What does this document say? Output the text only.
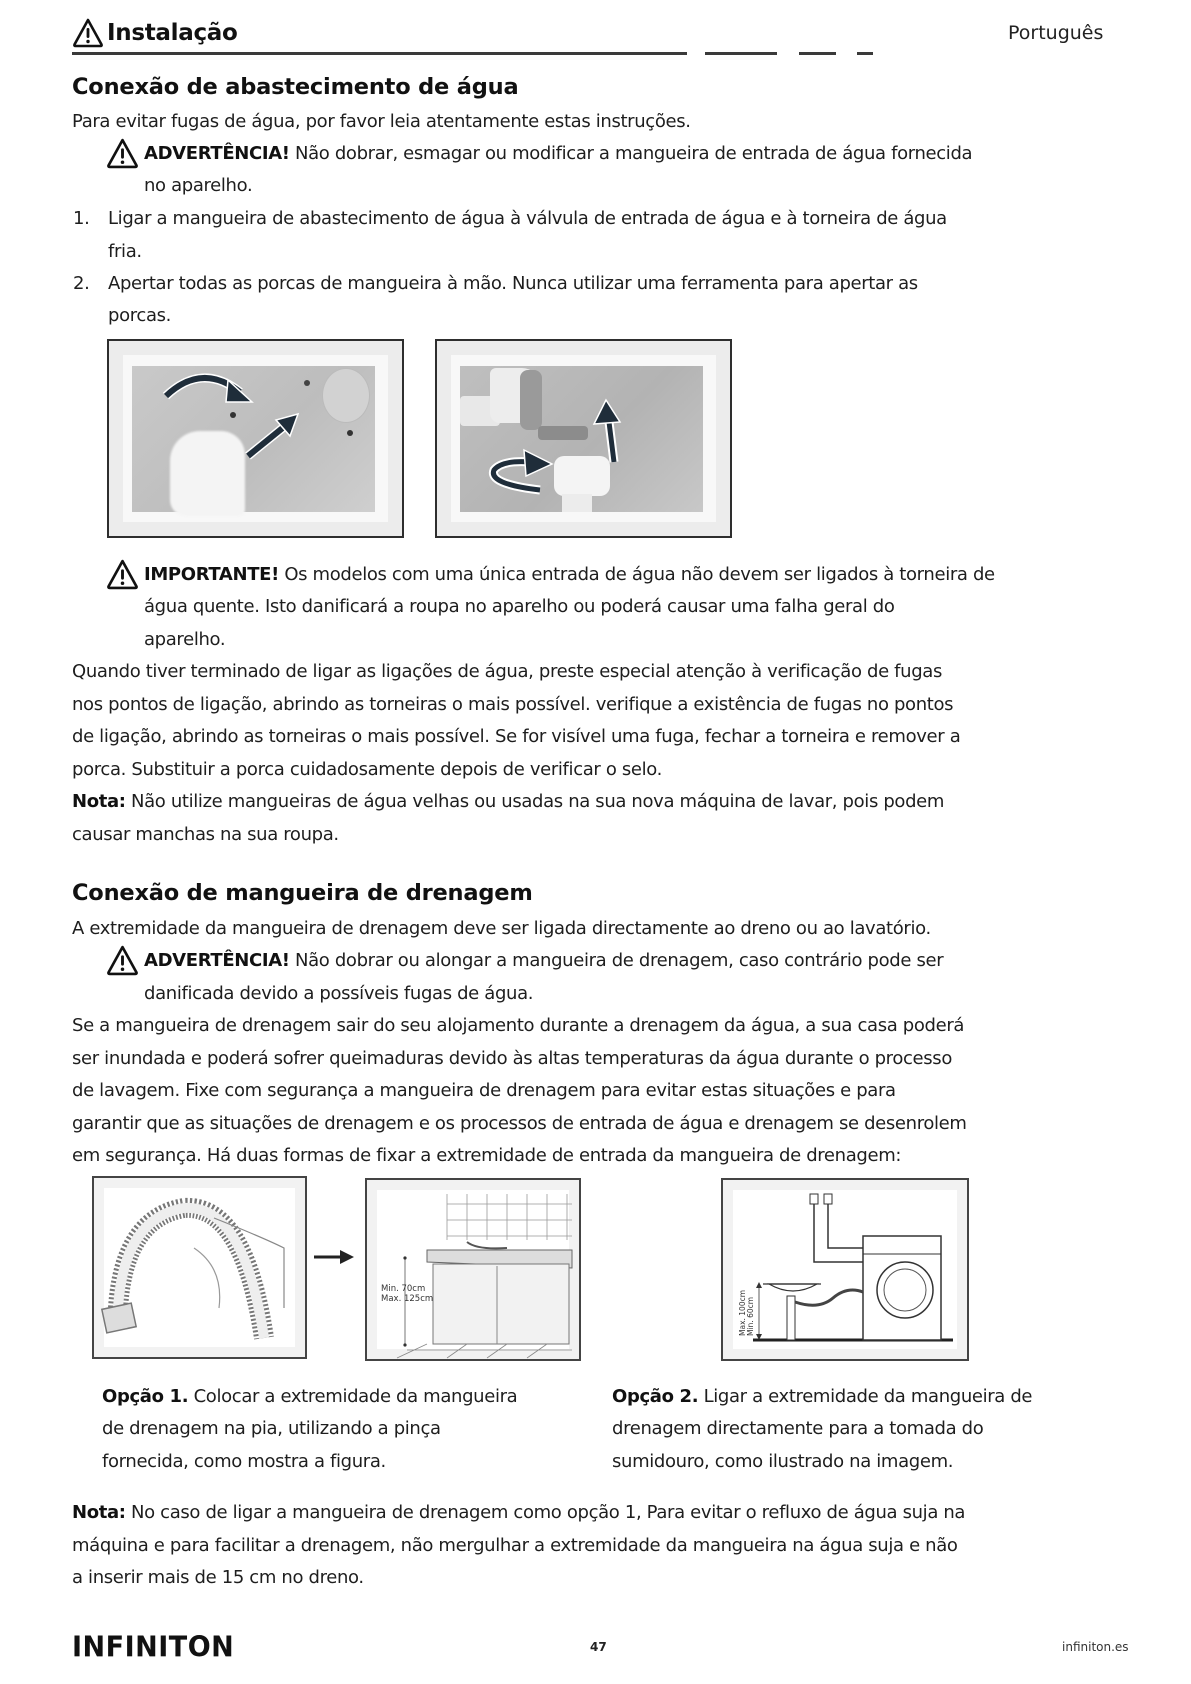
Instalação	Português
Conexão de abastecimento de água
Para evitar fugas de água, por favor leia atentamente estas instruções.
ADVERTÊNCIA! Não dobrar, esmagar ou modificar a mangueira de entrada de água fornecida
no aparelho.
1. Ligar a mangueira de abastecimento de água à válvula de entrada de água e à torneira de água
fria.
2. Apertar todas as porcas de mangueira à mão. Nunca utilizar uma ferramenta para apertar as
porcas.
IMPORTANTE! Os modelos com uma única entrada de água não devem ser ligados à torneira de
água quente. Isto danificará a roupa no aparelho ou poderá causar uma falha geral do
aparelho.
Quando tiver terminado de ligar as ligações de água, preste especial atenção à verificação de fugas
nos pontos de ligação, abrindo as torneiras o mais possível. verifique a existência de fugas no pontos
de ligação, abrindo as torneiras o mais possível. Se for visível uma fuga, fechar a torneira e remover a
porca. Substituir a porca cuidadosamente depois de verificar o selo.
Nota: Não utilize mangueiras de água velhas ou usadas na sua nova máquina de lavar, pois podem
causar manchas na sua roupa.
Conexão de mangueira de drenagem
A extremidade da mangueira de drenagem deve ser ligada directamente ao dreno ou ao lavatório.
ADVERTÊNCIA! Não dobrar ou alongar a mangueira de drenagem, caso contrário pode ser
danificada devido a possíveis fugas de água.
Se a mangueira de drenagem sair do seu alojamento durante a drenagem da água, a sua casa poderá
ser inundada e poderá sofrer queimaduras devido às altas temperaturas da água durante o processo
de lavagem. Fixe com segurança a mangueira de drenagem para evitar estas situações e para
garantir que as situações de drenagem e os processos de entrada de água e drenagem se desenrolem
em segurança. Há duas formas de fixar a extremidade de entrada da mangueira de drenagem:
Min. 70cm
Max. 125cm	Max. 100cm Min. 60cm
Opção 1. Colocar a extremidade da mangueira
de drenagem na pia, utilizando a pinça
fornecida, como mostra a figura.
Opção 2. Ligar a extremidade da mangueira de
drenagem directamente para a tomada do
sumidouro, como ilustrado na imagem.
Nota: No caso de ligar a mangueira de drenagem como opção 1, Para evitar o refluxo de água suja na
máquina e para facilitar a drenagem, não mergulhar a extremidade da mangueira na água suja e não
a inserir mais de 15 cm no dreno.
INFINITON	47	infiniton.es
